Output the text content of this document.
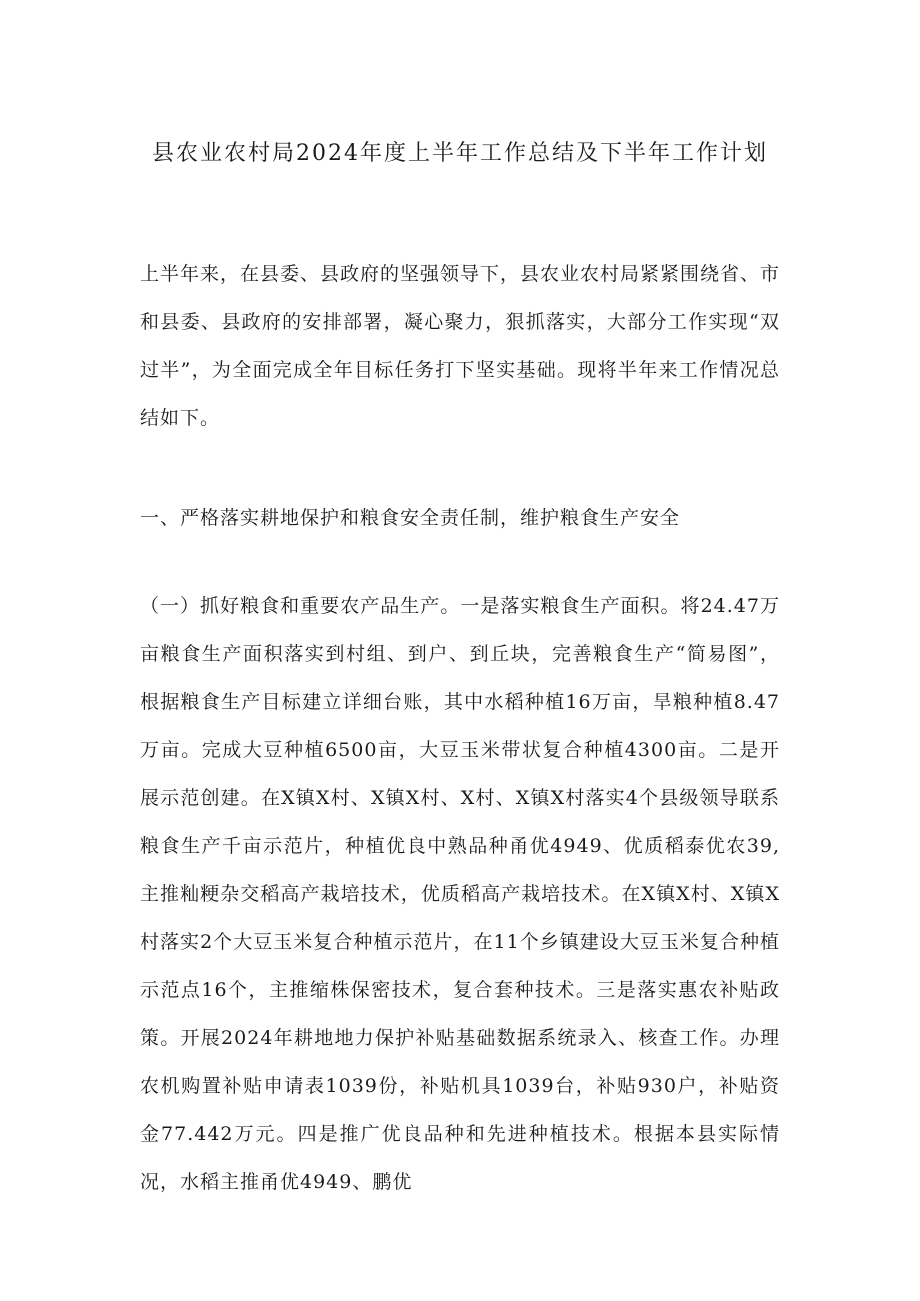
县农业农村局2024年度上半年工作总结及下半年工作计划

上半年来，在县委、县政府的坚强领导下，县农业农村局紧紧围绕省、市和县委、县政府的安排部署，凝心聚力，狠抓落实，大部分工作实现“双过半”，为全面完成全年目标任务打下坚实基础。现将半年来工作情况总结如下。

一、严格落实耕地保护和粮食安全责任制，维护粮食生产安全

（一）抓好粮食和重要农产品生产。一是落实粮食生产面积。将24.47万亩粮食生产面积落实到村组、到户、到丘块，完善粮食生产“简易图”，根据粮食生产目标建立详细台账，其中水稻种植16万亩，旱粮种植8.47万亩。完成大豆种植6500亩，大豆玉米带状复合种植4300亩。二是开展示范创建。在X镇X村、X镇X村、X村、X镇X村落实4个县级领导联系粮食生产千亩示范片，种植优良中熟品种甬优4949、优质稻泰优农39,主推籼粳杂交稻高产栽培技术，优质稻高产栽培技术。在X镇X村、X镇X村落实2个大豆玉米复合种植示范片，在11个乡镇建设大豆玉米复合种植示范点16个，主推缩株保密技术，复合套种技术。三是落实惠农补贴政策。开展2024年耕地地力保护补贴基础数据系统录入、核查工作。办理农机购置补贴申请表1039份，补贴机具1039台，补贴930户，补贴资金77.442万元。四是推广优良品种和先进种植技术。根据本县实际情况，水稻主推甬优4949、鹏优
